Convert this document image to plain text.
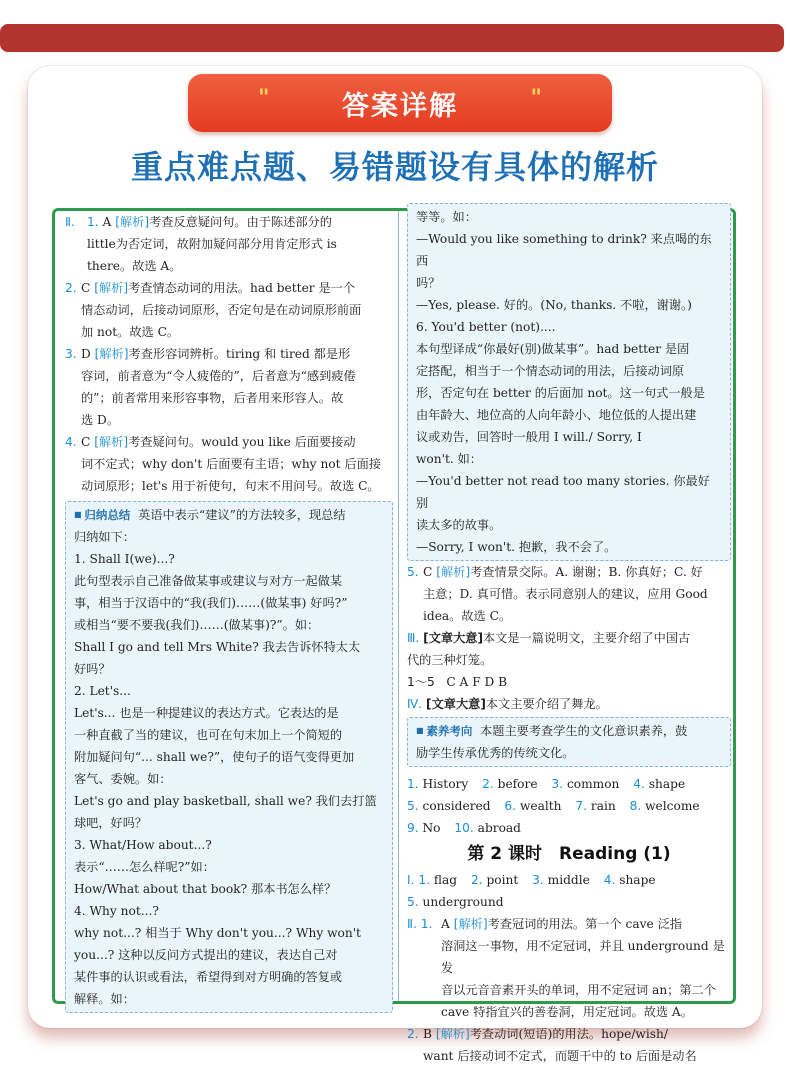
"	答案详解	"
重点难点题、易错题设有具体的解析
Ⅱ. 1. A [解析]考查反意疑问句。由于陈述部分的
little为否定词，故附加疑问部分用肯定形式 is
there。故选 A。
2. C [解析]考查情态动词的用法。had better 是一个
情态动词，后接动词原形，否定句是在动词原形前面
加 not。故选 C。
3. D [解析]考查形容词辨析。tiring 和 tired 都是形
容词，前者意为“令人疲倦的”，后者意为“感到疲倦
的”；前者常用来形容事物，后者用来形容人。故
选 D。
4. C [解析]考查疑问句。would you like 后面要接动
词不定式；why don't 后面要有主语；why not 后面接
动词原形；let's 用于祈使句，句末不用问号。故选 C。

■ 归纳总结 英语中表示“建议”的方法较多，现总结

归纳如下：

1. Shall I(we)...?

此句型表示自己准备做某事或建议与对方一起做某

事，相当于汉语中的“我(我们)……(做某事) 好吗?”

或相当“要不要我(我们)……(做某事)?”。如：

Shall I go and tell Mrs White? 我去告诉怀特太太

好吗？

2. Let's...

Let's... 也是一种提建议的表达方式。它表达的是

一种直截了当的建议，也可在句末加上一个简短的

附加疑问句“... shall we?”，使句子的语气变得更加

客气、委婉。如：

Let's go and play basketball, shall we? 我们去打篮

球吧，好吗？

3. What/How about...?

表示“……怎么样呢?”如：

How/What about that book? 那本书怎么样？

4. Why not...?

why not...? 相当于 Why don't you...? Why won't

you...? 这种以反问方式提出的建议，表达自己对

某件事的认识或看法，希望得到对方明确的答复或

解释。如：

等等。如：

—Would you like something to drink? 来点喝的东西

吗？

—Yes, please. 好的。(No, thanks. 不啦，谢谢。)

6. You'd better (not)....

本句型译成“你最好(别)做某事”。had better 是固

定搭配，相当于一个情态动词的用法，后接动词原

形，否定句在 better 的后面加 not。这一句式一般是

由年龄大、地位高的人向年龄小、地位低的人提出建

议或劝告，回答时一般用 I will./ Sorry, I

won't. 如：

—You'd better not read too many stories. 你最好别

读太多的故事。

—Sorry, I won't. 抱歉，我不会了。

5. C [解析]考查情景交际。A. 谢谢；B. 你真好；C. 好
主意；D. 真可惜。表示同意别人的建议，应用 Good
idea。故选 C。
Ⅲ. [文章大意]本文是一篇说明文，主要介绍了中国古
代的三种灯笼。
1～5 C A F D B
Ⅳ. [文章大意]本文主要介绍了舞龙。

■ 素养考向 本题主要考查学生的文化意识素养，鼓

励学生传承优秀的传统文化。

1. History 2. before 3. common 4. shape
5. considered 6. wealth 7. rain 8. welcome
9. No 10. abroad
第 2 课时　Reading (1)
Ⅰ. 1. flag 2. point 3. middle 4. shape
5. underground
Ⅱ. 1. A [解析]考查冠词的用法。第一个 cave 泛指
溶洞这一事物，用不定冠词，并且 underground 是发
音以元音音素开头的单词，用不定冠词 an；第二个
cave 特指宜兴的善卷洞，用定冠词。故选 A。
2. B [解析]考查动词(短语)的用法。hope/wish/
want 后接动词不定式，而题干中的 to 后面是动名
